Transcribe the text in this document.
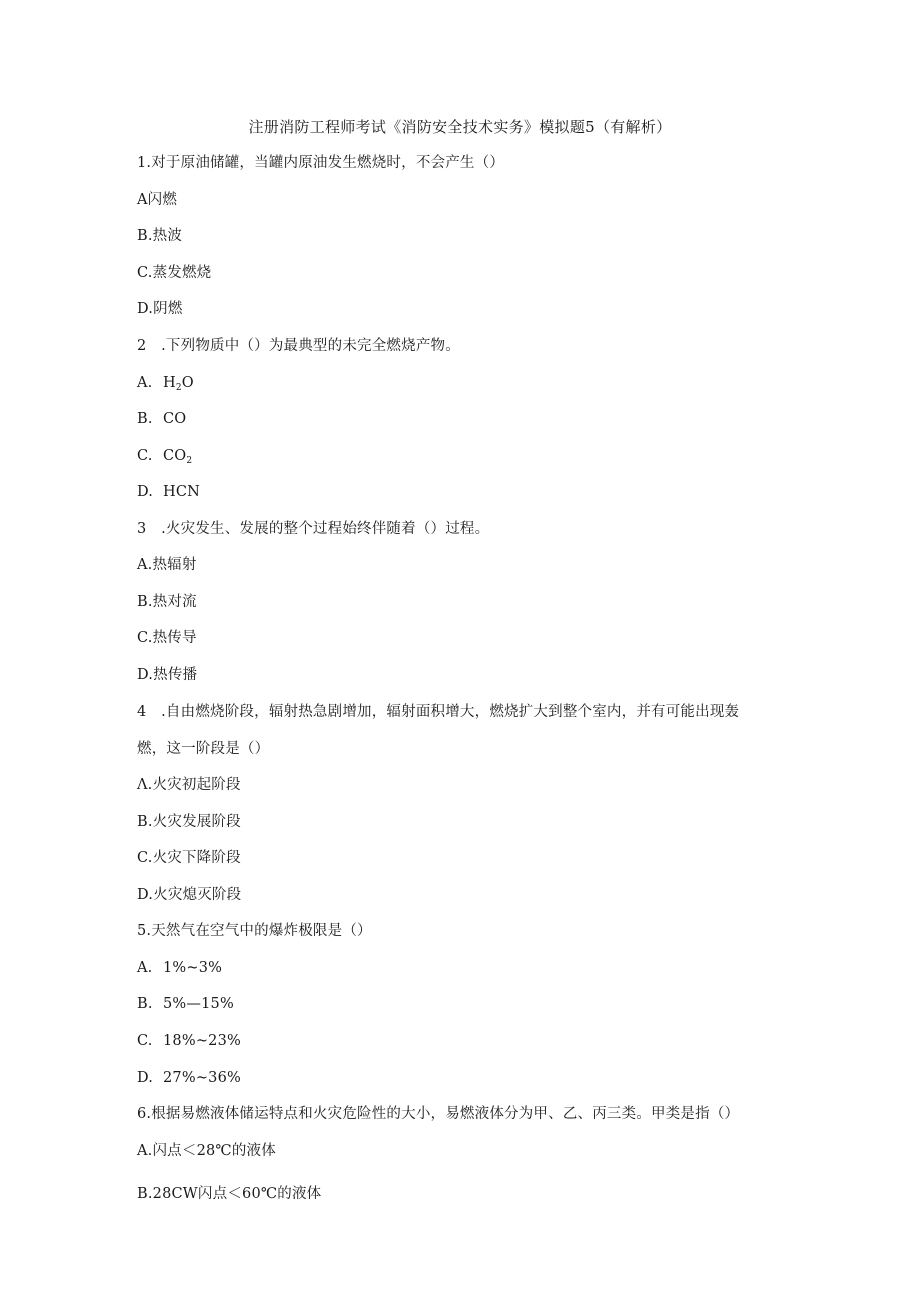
注册消防工程师考试《消防安全技术实务》模拟题5（有解析）
1.对于原油储罐，当罐内原油发生燃烧时，不会产生（）
A闪燃
B.热波
C.蒸发燃烧
D.阴燃
2　.下列物质中（）为最典型的未完全燃烧产物。
A. $H_2O$
B. CO
C. $CO_2$
D. HCN
3　.火灾发生、发展的整个过程始终伴随着（）过程。
A.热辐射
B.热对流
C.热传导
D.热传播
4　.自由燃烧阶段，辐射热急剧增加，辐射面积增大，燃烧扩大到整个室内，并有可能出现轰
燃，这一阶段是（）
Λ.火灾初起阶段
B.火灾发展阶段
C.火灾下降阶段
D.火灾熄灭阶段
5.天然气在空气中的爆炸极限是（）
A. 1%~3%
B. 5%—15%
C. 18%~23%
D. 27%~36%
6.根据易燃液体储运特点和火灾危险性的大小，易燃液体分为甲、乙、丙三类。甲类是指（）
A.闪点＜28℃的液体
B.28CW闪点＜60℃的液体
